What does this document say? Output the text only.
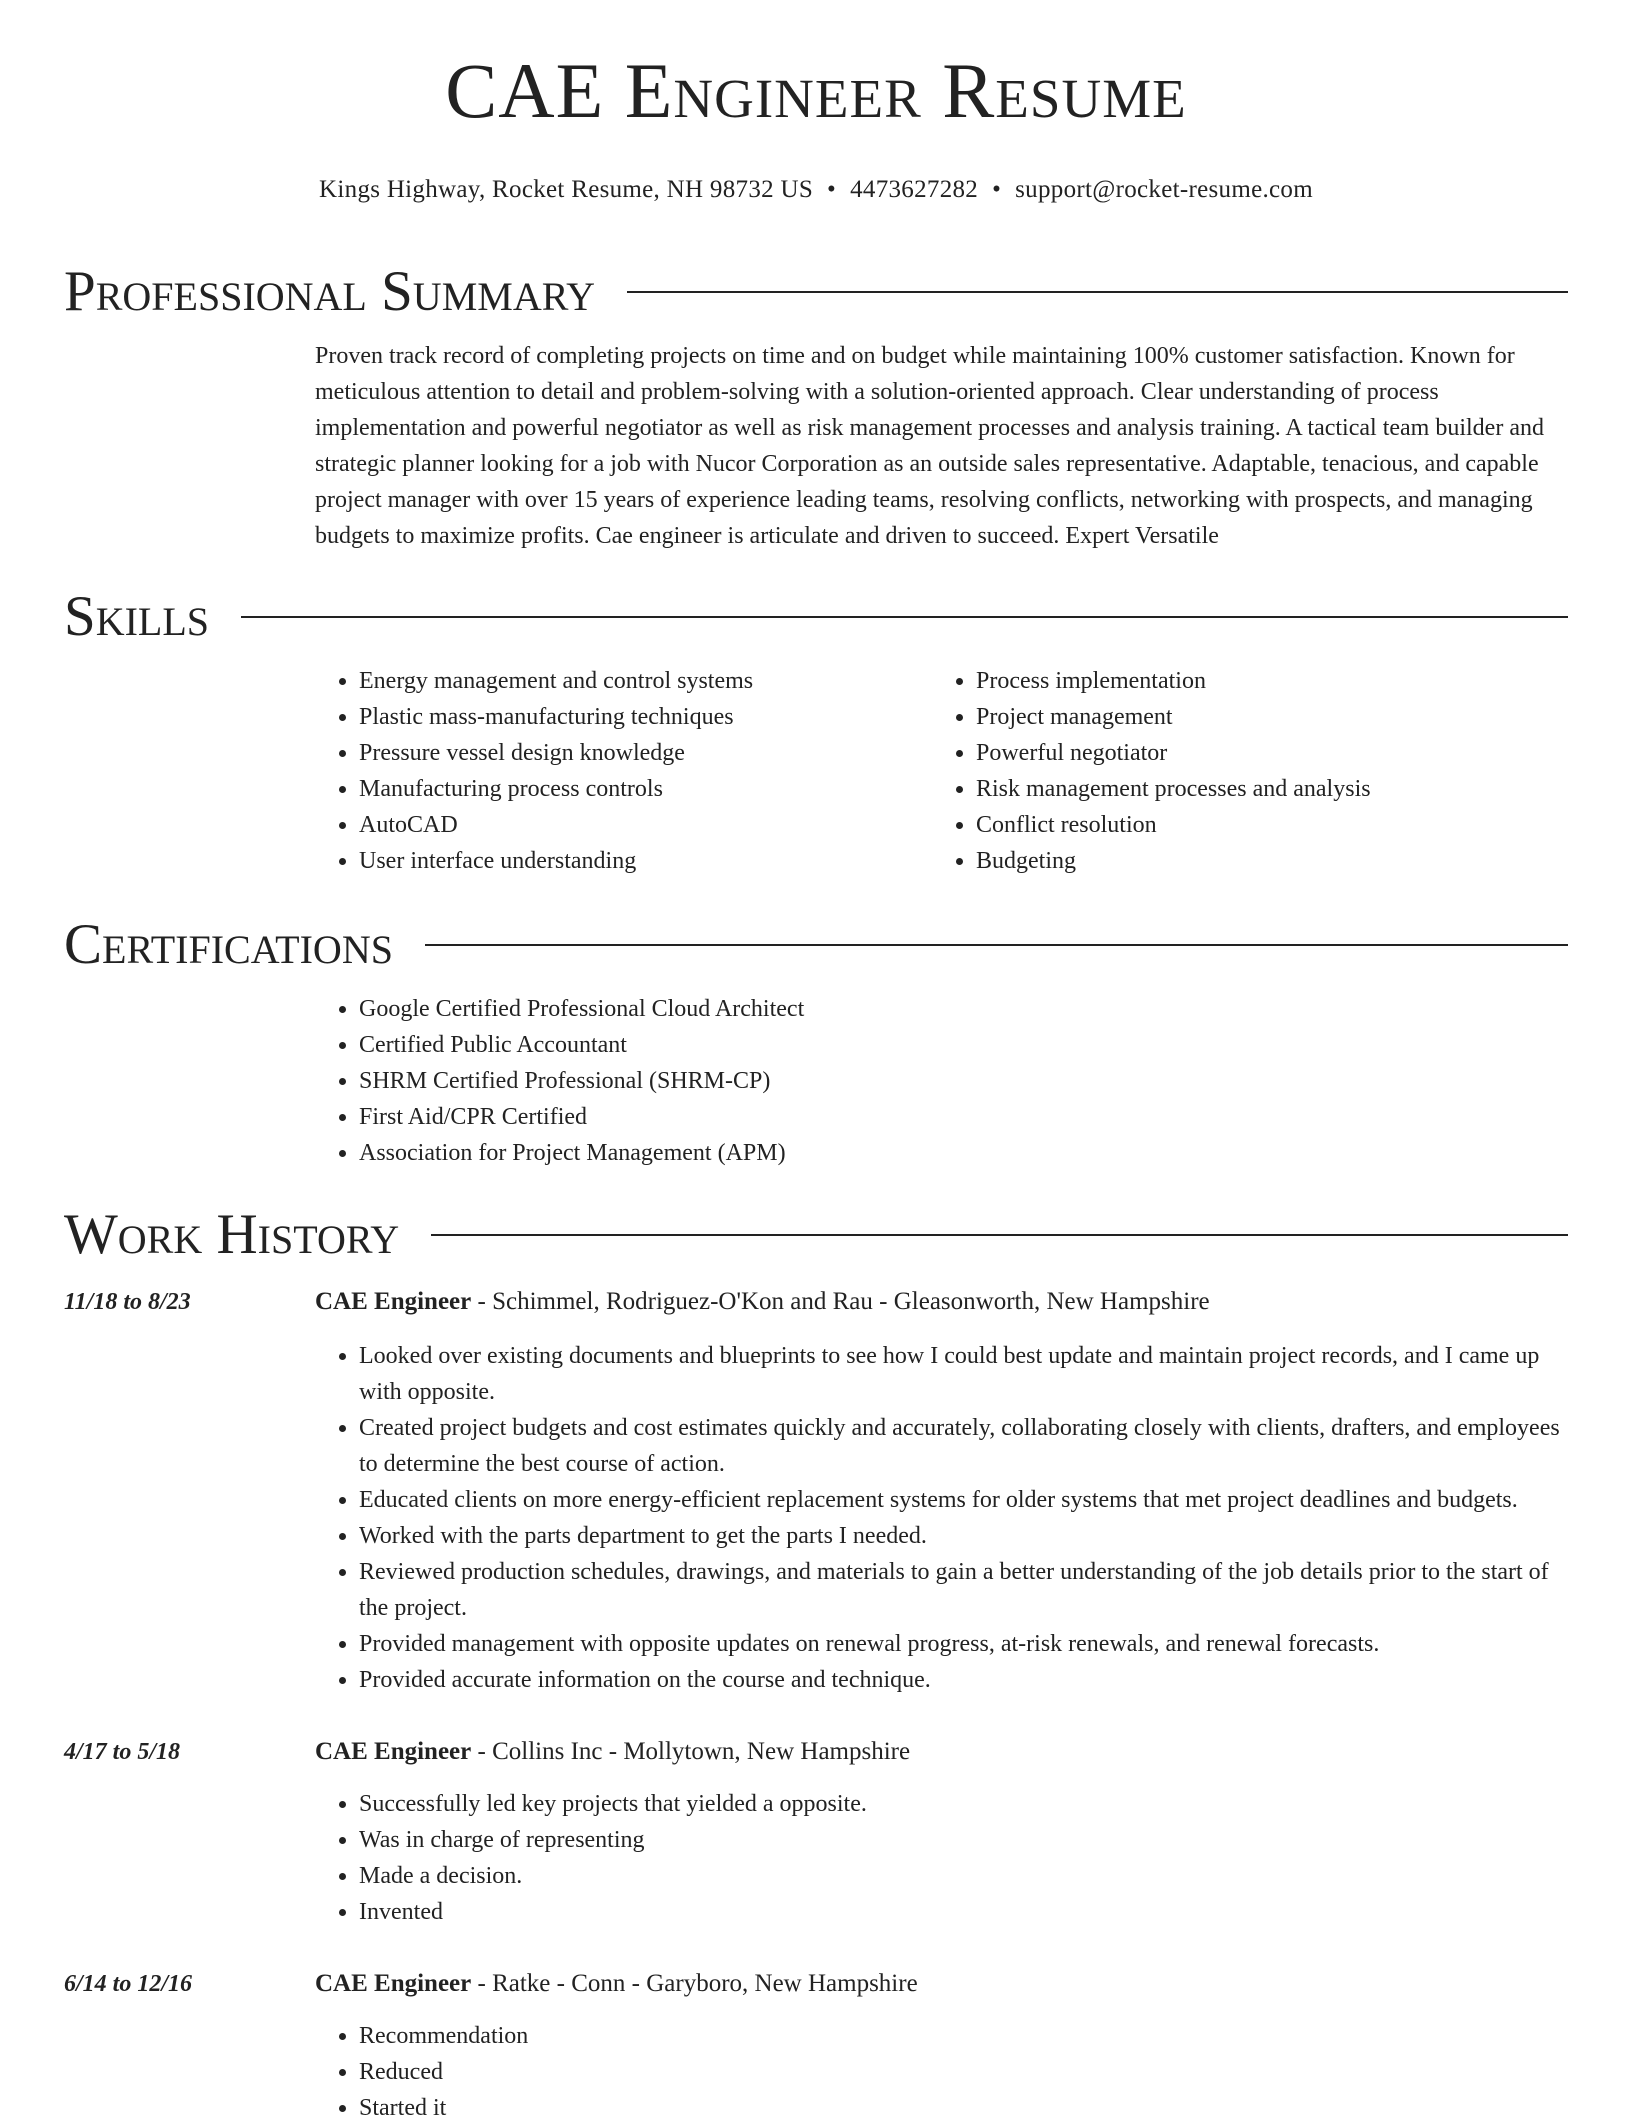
CAE Engineer Resume
Kings Highway, Rocket Resume, NH 98732 US • 4473627282 • support@rocket-resume.com
Professional Summary

Proven track record of completing projects on time and on budget while maintaining 100% customer satisfaction. Known for meticulous attention to detail and problem-solving with a solution-oriented approach. Clear understanding of process implementation and powerful negotiator as well as risk management processes and analysis training. A tactical team builder and strategic planner looking for a job with Nucor Corporation as an outside sales representative. Adaptable, tenacious, and capable project manager with over 15 years of experience leading teams, resolving conflicts, networking with prospects, and managing budgets to maximize profits. Cae engineer is articulate and driven to succeed. Expert Versatile

Skills
• Energy management and control systems
• Plastic mass-manufacturing techniques
• Pressure vessel design knowledge
• Manufacturing process controls
• AutoCAD
• User interface understanding
• Process implementation
• Project management
• Powerful negotiator
• Risk management processes and analysis
• Conflict resolution
• Budgeting
Certifications
• Google Certified Professional Cloud Architect
• Certified Public Accountant
• SHRM Certified Professional (SHRM-CP)
• First Aid/CPR Certified
• Association for Project Management (APM)
Work History
11/18 to 8/23	CAE Engineer - Schimmel, Rodriguez-O'Kon and Rau - Gleasonworth, New Hampshire
• Looked over existing documents and blueprints to see how I could best update and maintain project records, and I came up with opposite.
• Created project budgets and cost estimates quickly and accurately, collaborating closely with clients, drafters, and employees to determine the best course of action.
• Educated clients on more energy-efficient replacement systems for older systems that met project deadlines and budgets.
• Worked with the parts department to get the parts I needed.
• Reviewed production schedules, drawings, and materials to gain a better understanding of the job details prior to the start of the project.
• Provided management with opposite updates on renewal progress, at-risk renewals, and renewal forecasts.
• Provided accurate information on the course and technique.
4/17 to 5/18	CAE Engineer - Collins Inc - Mollytown, New Hampshire
• Successfully led key projects that yielded a opposite.
• Was in charge of representing
• Made a decision.
• Invented
6/14 to 12/16	CAE Engineer - Ratke - Conn - Garyboro, New Hampshire
• Recommendation
• Reduced
• Started it
